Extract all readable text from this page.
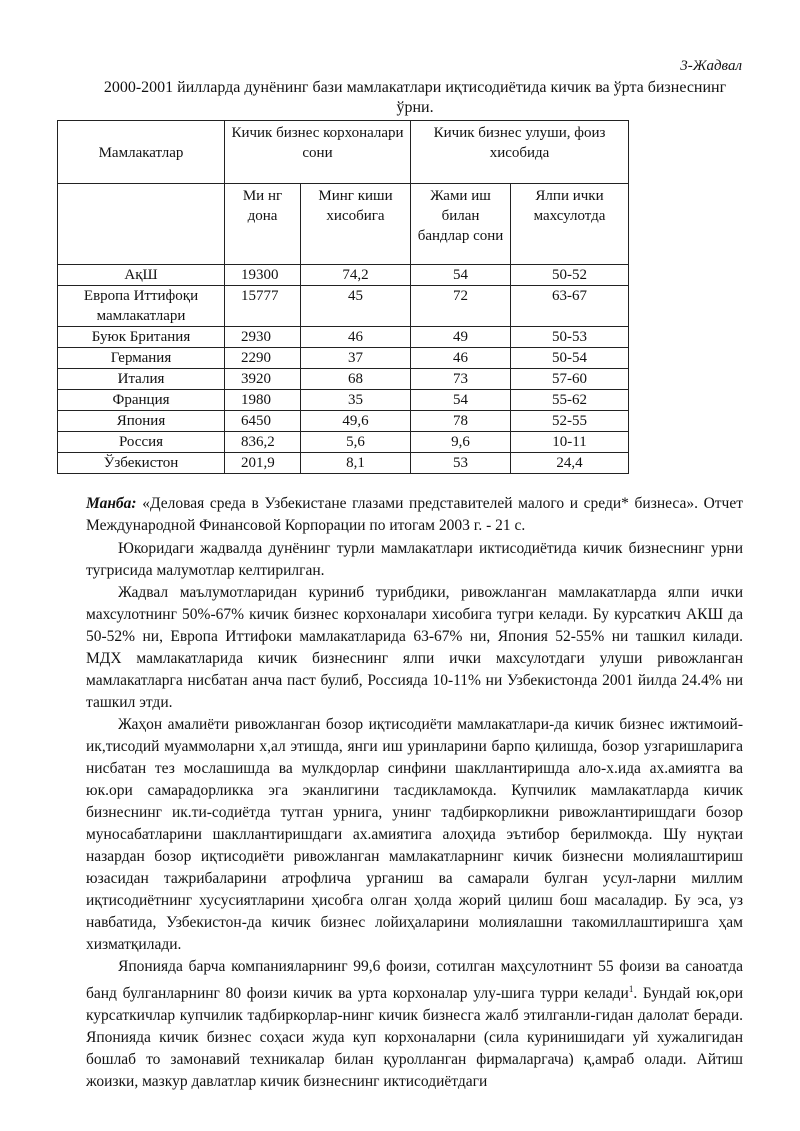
3-Жадвал
2000-2001 йилларда дунёнинг бази мамлакатлари иқтисодиётида кичик ва ўрта бизнеснинг ўрни.
Мамлакатлар	Кичик бизнес корхоналари сони		Кичик бизнес улуши, фоиз хисобида	
	Ми нг дона	Минг киши хисобига	Жами иш билан бандлар сони	Ялпи ички махсулотда
АқШ	19300	74,2	54	50-52
Европа Иттифоқи мамлакатлари	15777	45	72	63-67
Буюк Британия	2930	46	49	50-53
Германия	2290	37	46	50-54
Италия	3920	68	73	57-60
Франция	1980	35	54	55-62
Япония	6450	49,6	78	52-55
Россия	836,2	5,6	9,6	10-11
Ўзбекистон	201,9	8,1	53	24,4
Манба: «Деловая среда в Узбекистане глазами представителей малого и среди* бизнеса». Отчет Международной Финансовой Корпорации по итогам 2003 г. - 21 с.

Юкоридаги жадвалда дунёнинг турли мамлакатлари иктисодиётида кичик бизнеснинг урни тугрисида малумотлар келтирилган.

Жадвал маълумотларидан куриниб турибдики, ривожланган мамлакатларда ялпи ички махсулотнинг 50%-67% кичик бизнес корхоналари хисобига тугри келади. Бу курсаткич АКШ да 50-52% ни, Европа Иттифоки мамлакатларида 63-67% ни, Япония 52-55% ни ташкил килади. МДХ мамлакатларида кичик бизнеснинг ялпи ички махсулотдаги улуши ривожланган мамлакатларга нисбатан анча паст булиб, Россияда 10-11% ни Узбекистонда 2001 йилда 24.4% ни ташкил этди.

Жаҳон амалиёти ривожланган бозор иқтисодиёти мамлакатлари-да кичик бизнес ижтимоий-ик,тисодий муаммоларни х,ал этишда, янги иш уринларини барпо қилишда, бозор узгаришларига нисбатан тез мослашишда ва мулкдорлар синфини шакллантиришда ало-х.ида ах.амиятга ва юк.ори самарадорликка эга эканлигини тасдикламокда. Купчилик мамлакатларда кичик бизнеснинг ик.ти-содиётда тутган урнига, унинг тадбиркорликни ривожлантиришдаги бозор муносабатларини шакллантиришдаги ах.амиятига алоҳида эътибор берилмокда. Шу нуқтаи назардан бозор иқтисодиёти ривожланган мамлакатларнинг кичик бизнесни молиялаштириш юзасидан тажрибаларини атрофлича урганиш ва самарали булган усул-ларни миллим иқтисодиётнинг хусусиятларини ҳисобга олган ҳолда жорий цилиш бош масаладир. Бу эса, уз навбатида, Узбекистон-да кичик бизнес лойиҳаларини молиялашни такомиллаштиришга ҳам хизматқилади.

Японияда барча компанияларнинг 99,6 фоизи, сотилган маҳсулотнинт 55 фоизи ва саноатда банд булганларнинг 80 фоизи кичик ва урта корхоналар улу-шига турри келади$^1$. Бундай юк,ори курсаткичлар купчилик тадбиркорлар-нинг кичик бизнесга жалб этилганли-гидан далолат беради. Японияда кичик бизнес соҳаси жуда куп корхоналарни (сила куринишидаги уй хужалигидан бошлаб то замонавий техникалар билан қуролланган фирмаларгача) қ,амраб олади. Айтиш жоизки, мазкур давлатлар кичик бизнеснинг иктисодиётдаги
